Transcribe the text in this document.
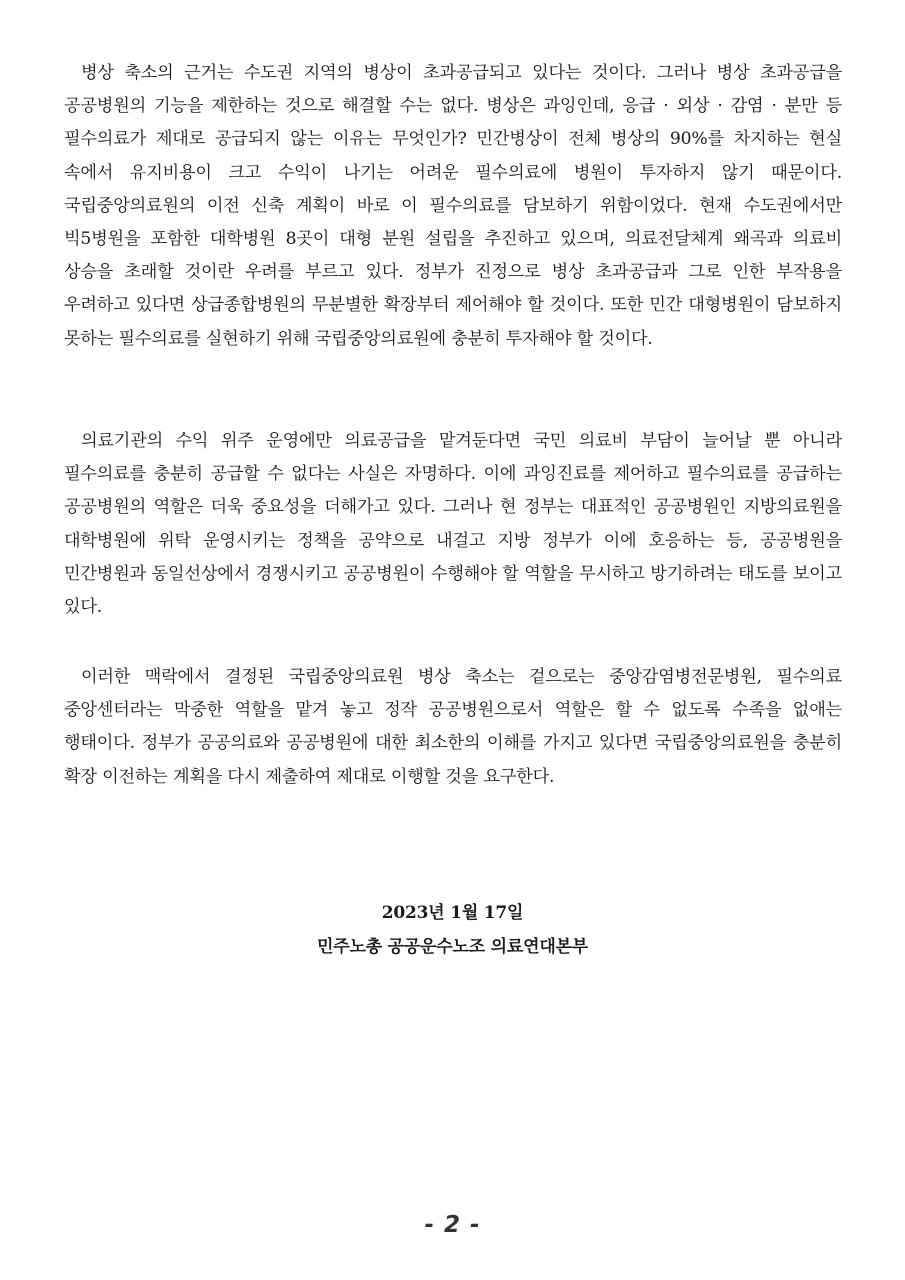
병상 축소의 근거는 수도권 지역의 병상이 초과공급되고 있다는 것이다. 그러나 병상 초과공급을 공공병원의 기능을 제한하는 것으로 해결할 수는 없다. 병상은 과잉인데, 응급 · 외상 · 감염 · 분만 등 필수의료가 제대로 공급되지 않는 이유는 무엇인가? 민간병상이 전체 병상의 90%를 차지하는 현실 속에서 유지비용이 크고 수익이 나기는 어려운 필수의료에 병원이 투자하지 않기 때문이다. 국립중앙의료원의 이전 신축 계획이 바로 이 필수의료를 담보하기 위함이었다. 현재 수도권에서만 빅5병원을 포함한 대학병원 8곳이 대형 분원 설립을 추진하고 있으며, 의료전달체계 왜곡과 의료비 상승을 초래할 것이란 우려를 부르고 있다. 정부가 진정으로 병상 초과공급과 그로 인한 부작용을 우려하고 있다면 상급종합병원의 무분별한 확장부터 제어해야 할 것이다. 또한 민간 대형병원이 담보하지 못하는 필수의료를 실현하기 위해 국립중앙의료원에 충분히 투자해야 할 것이다.

의료기관의 수익 위주 운영에만 의료공급을 맡겨둔다면 국민 의료비 부담이 늘어날 뿐 아니라 필수의료를 충분히 공급할 수 없다는 사실은 자명하다. 이에 과잉진료를 제어하고 필수의료를 공급하는 공공병원의 역할은 더욱 중요성을 더해가고 있다. 그러나 현 정부는 대표적인 공공병원인 지방의료원을 대학병원에 위탁 운영시키는 정책을 공약으로 내걸고 지방 정부가 이에 호응하는 등, 공공병원을 민간병원과 동일선상에서 경쟁시키고 공공병원이 수행해야 할 역할을 무시하고 방기하려는 태도를 보이고 있다.

이러한 맥락에서 결정된 국립중앙의료원 병상 축소는 겉으로는 중앙감염병전문병원, 필수의료 중앙센터라는 막중한 역할을 맡겨 놓고 정작 공공병원으로서 역할은 할 수 없도록 수족을 없애는 행태이다. 정부가 공공의료와 공공병원에 대한 최소한의 이해를 가지고 있다면 국립중앙의료원을 충분히 확장 이전하는 계획을 다시 제출하여 제대로 이행할 것을 요구한다.

2023년 1월 17일
민주노총 공공운수노조 의료연대본부
- 2 -
